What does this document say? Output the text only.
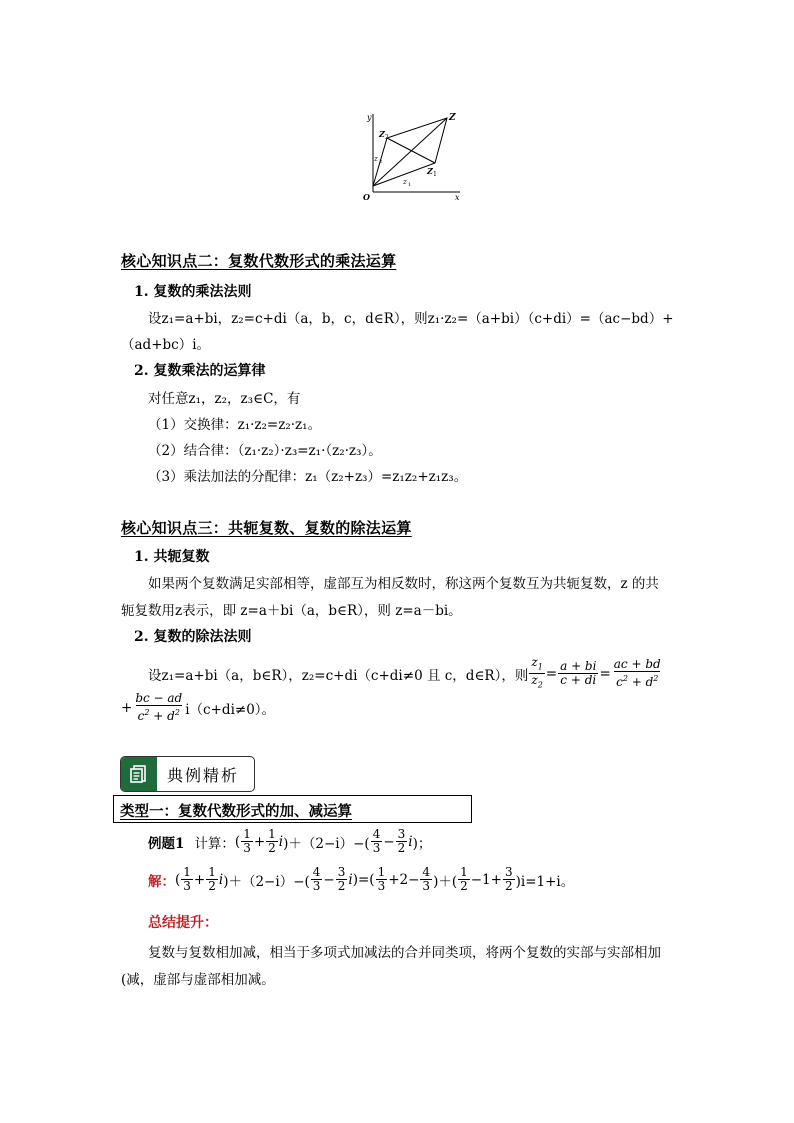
y
x
O
Z
Z 1
Z 2
z 1
z 2
核心知识点二：复数代数形式的乘法运算
1. 复数的乘法法则
设z₁=a+bi，z₂=c+di（a，b，c，d∈R），则z₁·z₂=（a+bi）（c+di）=（ac−bd）+
（ad+bc）i。
2. 复数乘法的运算律
对任意z₁，z₂，z₃∈C，有
（1）交换律：z₁·z₂=z₂·z₁。
（2）结合律：（z₁·z₂）·z₃=z₁·（z₂·z₃）。
（3）乘法加法的分配律：z₁（z₂+z₃）=z₁z₂+z₁z₃。
核心知识点三：共轭复数、复数的除法运算
1. 共轭复数
如果两个复数满足实部相等，虚部互为相反数时，称这两个复数互为共轭复数，z 的共
轭复数用z表示，即 z=a＋bi（a，b∈R），则 z=a－bi。
2. 复数的除法法则
设z₁=a+bi（a，b∈R），z₂=c+di（c+di≠0 且 c，d∈R），则 $\frac{z_1}{z_2} = \frac{a + bi}{c + di} = \frac{ac + bd}{c^2 + d^2}$
+ $\frac{bc - ad}{c^2 + d^2} i(c+di\ne 0)$。
典例精析
类型一：复数代数形式的加、减运算
例题1 计算： ( $\frac{1}{3} + \frac{1}{2}$ i )$+(2-i)-( \frac{4}{3} - \frac{3}{2}$ i )；
解： ( $\frac{1}{3} + \frac{1}{2}$ i )$+(2-i)-( \frac{4}{3} - \frac{3}{2}$ i )=( $\frac{1}{3} +2- \frac{4}{3}$ )＋( $\frac{1}{2} -1+ \frac{3}{2} )i=1+i$。
总结提升：
复数与复数相加减，相当于多项式加减法的合并同类项，将两个复数的实部与实部相加
(减，虚部与虚部相加减。
